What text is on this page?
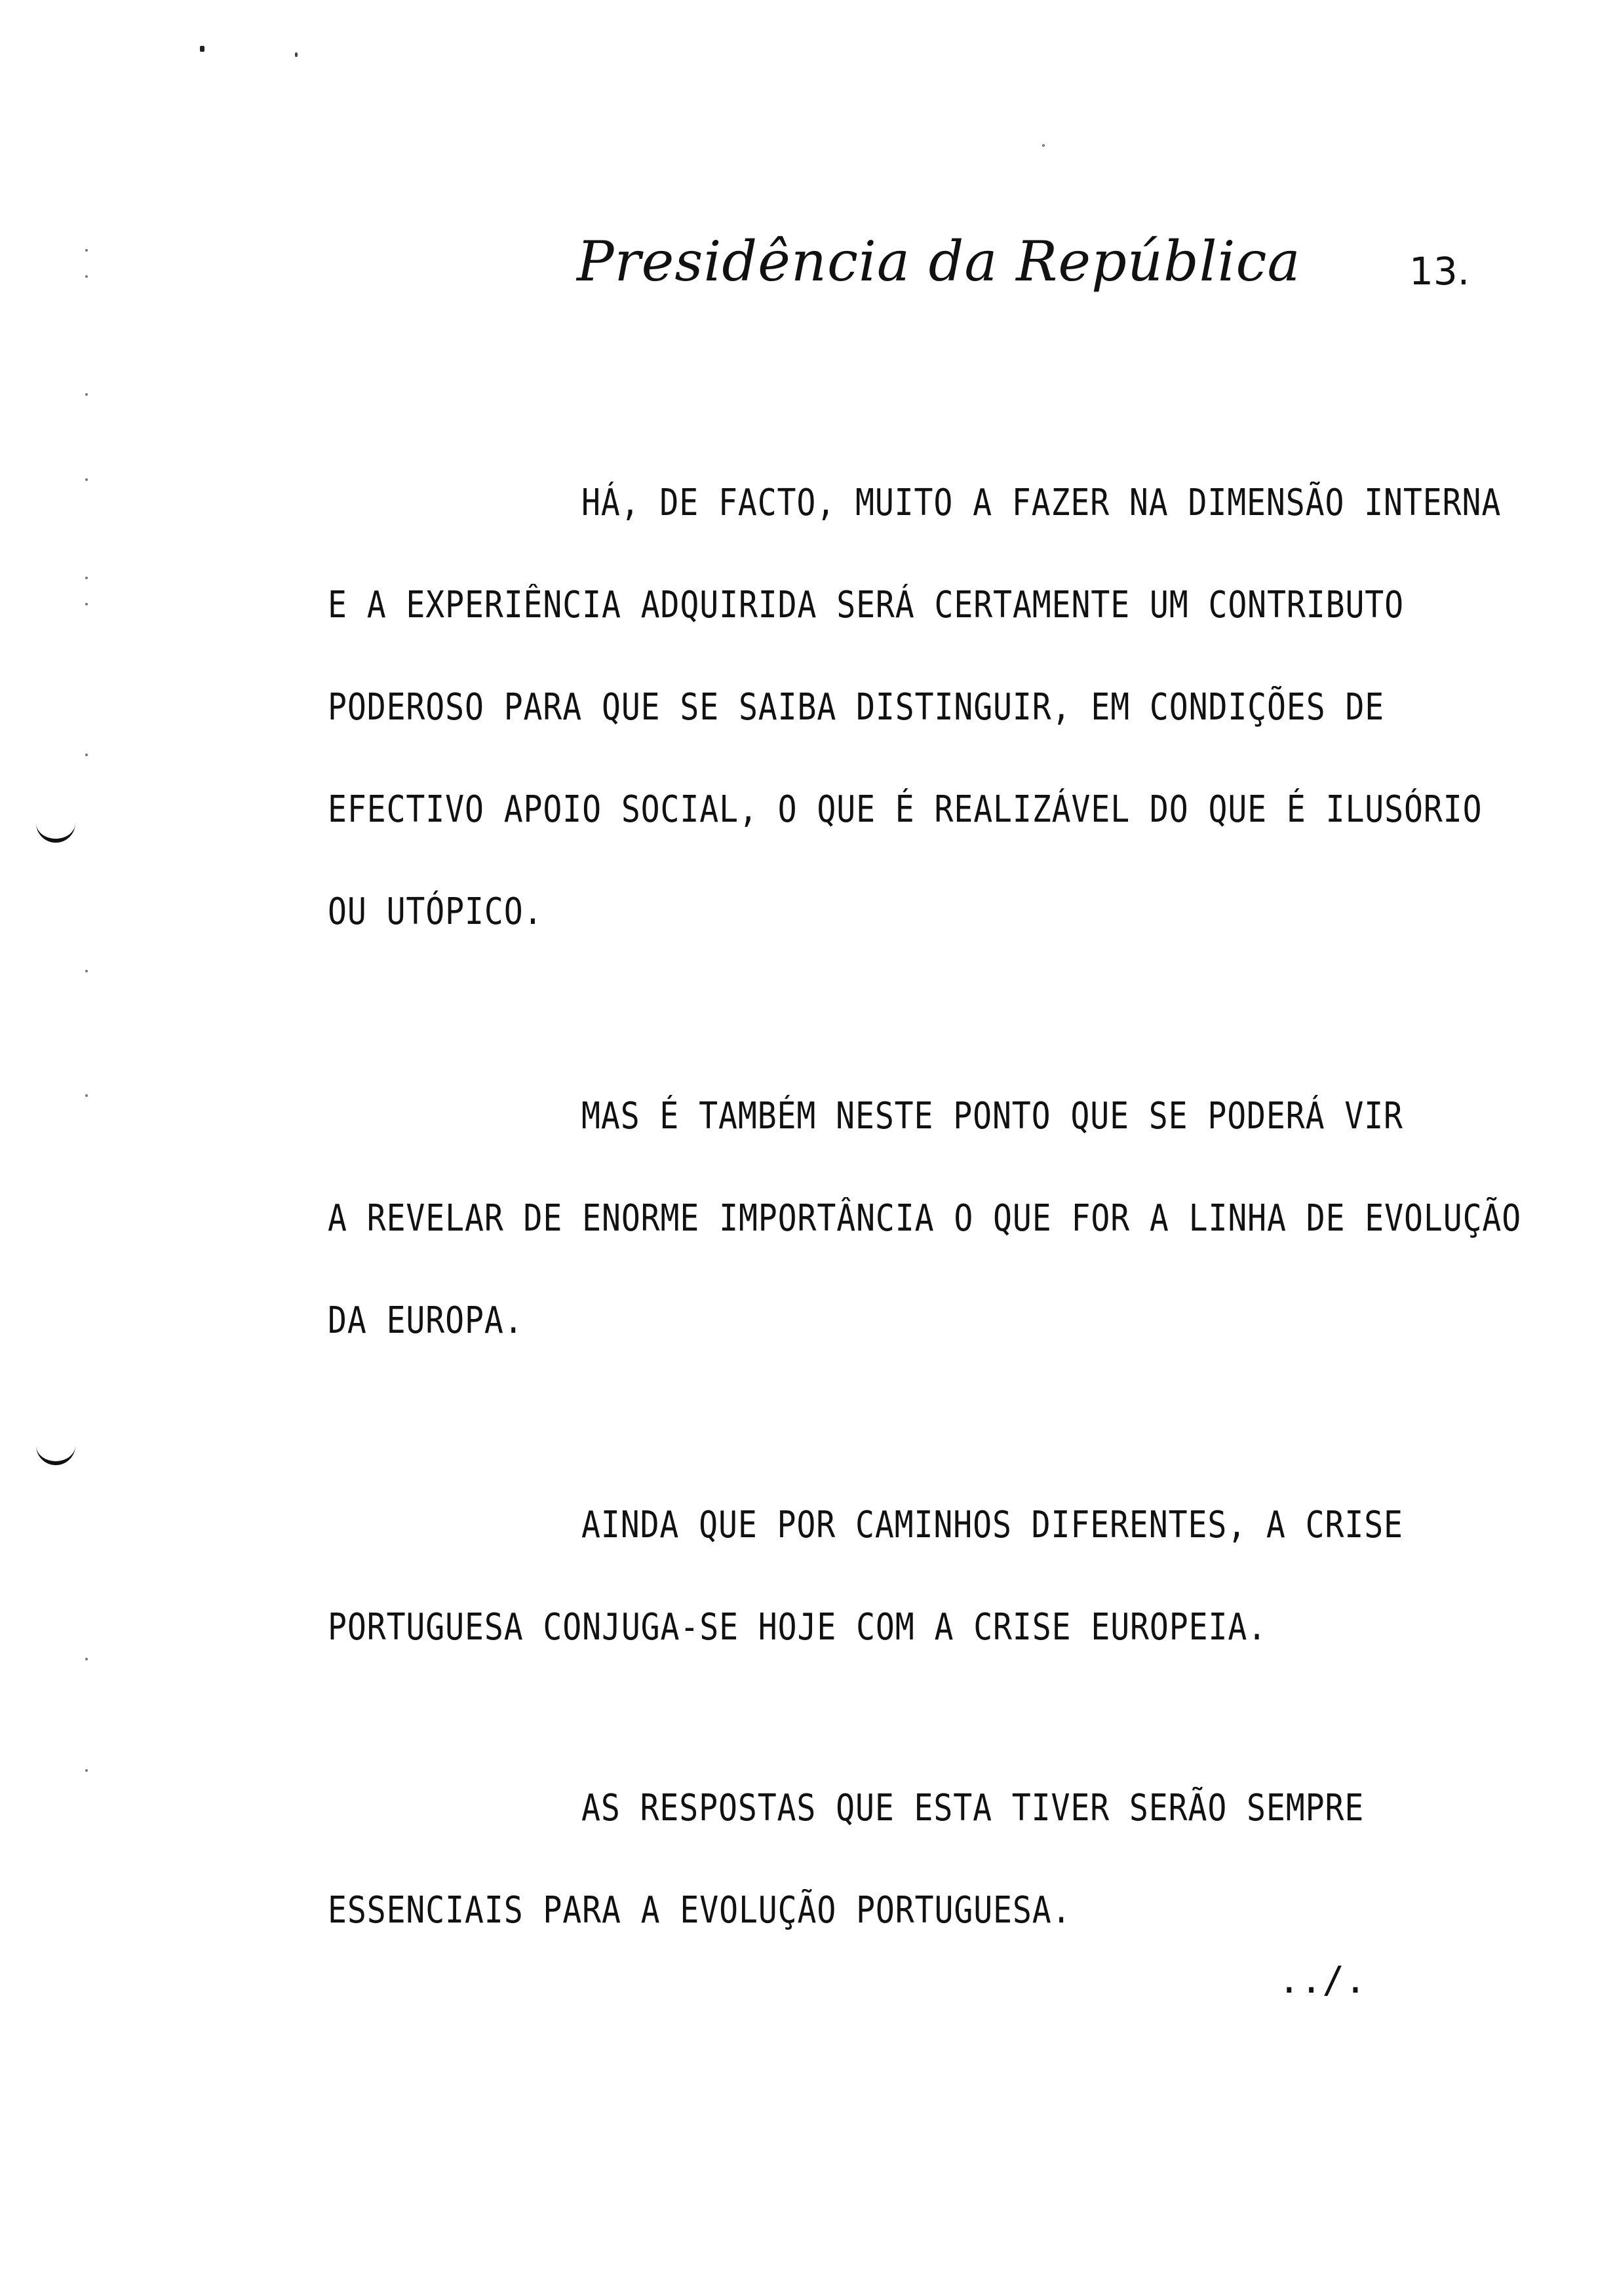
Presidência da República	13.
HÁ, DE FACTO, MUITO A FAZER NA DIMENSÃO INTERNA
E A EXPERIÊNCIA ADQUIRIDA SERÁ CERTAMENTE UM CONTRIBUTO
PODEROSO PARA QUE SE SAIBA DISTINGUIR, EM CONDIÇÕES DE
EFECTIVO APOIO SOCIAL, O QUE É REALIZÁVEL DO QUE É ILUSÓRIO
OU UTÓPICO.
MAS É TAMBÉM NESTE PONTO QUE SE PODERÁ VIR
A REVELAR DE ENORME IMPORTÂNCIA O QUE FOR A LINHA DE EVOLUÇÃO
DA EUROPA.
AINDA QUE POR CAMINHOS DIFERENTES, A CRISE
PORTUGUESA CONJUGA-SE HOJE COM A CRISE EUROPEIA.
AS RESPOSTAS QUE ESTA TIVER SERÃO SEMPRE
ESSENCIAIS PARA A EVOLUÇÃO PORTUGUESA.
../.
